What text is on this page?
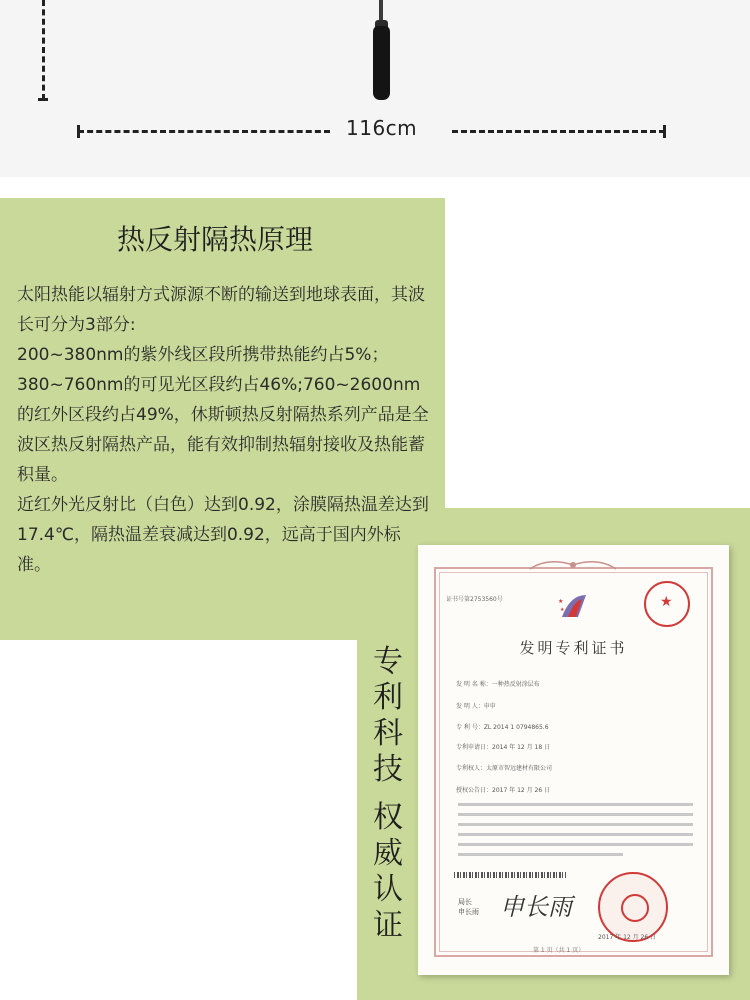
116cm
热反射隔热原理

太阳热能以辐射方式源源不断的输送到地球表面，其波长可分为3部分:

200~380nm的紫外线区段所携带热能约占5%；380~760nm的可见光区段约占46%;760~2600nm的红外区段约占49%，休斯顿热反射隔热系列产品是全波区热反射隔热产品，能有效抑制热辐射接收及热能蓄积量。

近红外光反射比（白色）达到0.92，涂膜隔热温差达到17.4℃，隔热温差衰减达到0.92，远高于国内外标准。

专
利
科
技
权
威
认
证
证书号第2753560号	★
★	★
发明专利证书
发 明 名 称：一种热反射涂层布
发 明 人：申申
专 利 号：ZL 2014 1 0794865.6
专利申请日：2014 年 12 月 18 日
专利权人：太原市智远建材有限公司
授权公告日：2017 年 12 月 26 日
局长
申长雨 申长雨
2017 年 12 月 26 日
第 1 页（共 1 页）
